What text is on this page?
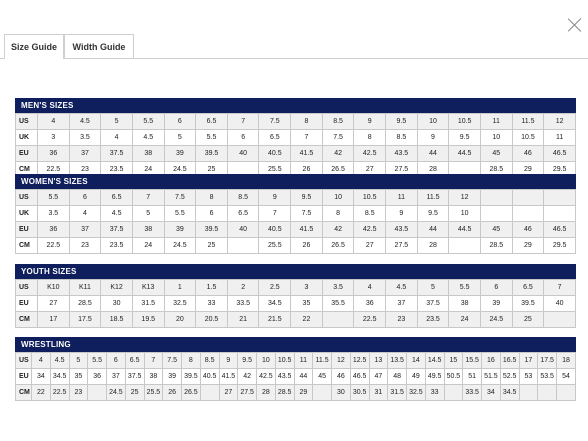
Size Guide	Width Guide
MEN'S SIZES
US	4	4.5	5	5.5	6	6.5	7	7.5	8	8.5	9	9.5	10	10.5	11	11.5	12
UK	3	3.5	4	4.5	5	5.5	6	6.5	7	7.5	8	8.5	9	9.5	10	10.5	11
EU	36	37	37.5	38	39	39.5	40	40.5	41.5	42	42.5	43.5	44	44.5	45	46	46.5
CM	22.5	23	23.5	24	24.5	25		25.5	26	26.5	27	27.5	28		28.5	29	29.5
WOMEN'S SIZES
US	5.5	6	6.5	7	7.5	8	8.5	9	9.5	10	10.5	11	11.5	12			
UK	3.5	4	4.5	5	5.5	6	6.5	7	7.5	8	8.5	9	9.5	10			
EU	36	37	37.5	38	39	39.5	40	40.5	41.5	42	42.5	43.5	44	44.5	45	46	46.5
CM	22.5	23	23.5	24	24.5	25		25.5	26	26.5	27	27.5	28		28.5	29	29.5
YOUTH SIZES
US	K10	K11	K12	K13	1	1.5	2	2.5	3	3.5	4	4.5	5	5.5	6	6.5	7
EU	27	28.5	30	31.5	32.5	33	33.5	34.5	35	35.5	36	37	37.5	38	39	39.5	40
CM	17	17.5	18.5	19.5	20	20.5	21	21.5	22		22.5	23	23.5	24	24.5	25	
WRESTLING
US	4	4.5	5	5.5	6	6.5	7	7.5	8	8.5	9	9.5	10	10.5	11	11.5	12	12.5	13	13.5	14	14.5	15	15.5	16	16.5	17	17.5	18
EU	34	34.5	35	36	37	37.5	38	39	39.5	40.5	41.5	42	42.5	43.5	44	45	46	46.5	47	48	49	49.5	50.5	51	51.5	52.5	53	53.5	54
CM	22	22.5	23		24.5	25	25.5	26	26.5		27	27.5	28	28.5	29		30	30.5	31	31.5	32.5	33		33.5	34	34.5			
